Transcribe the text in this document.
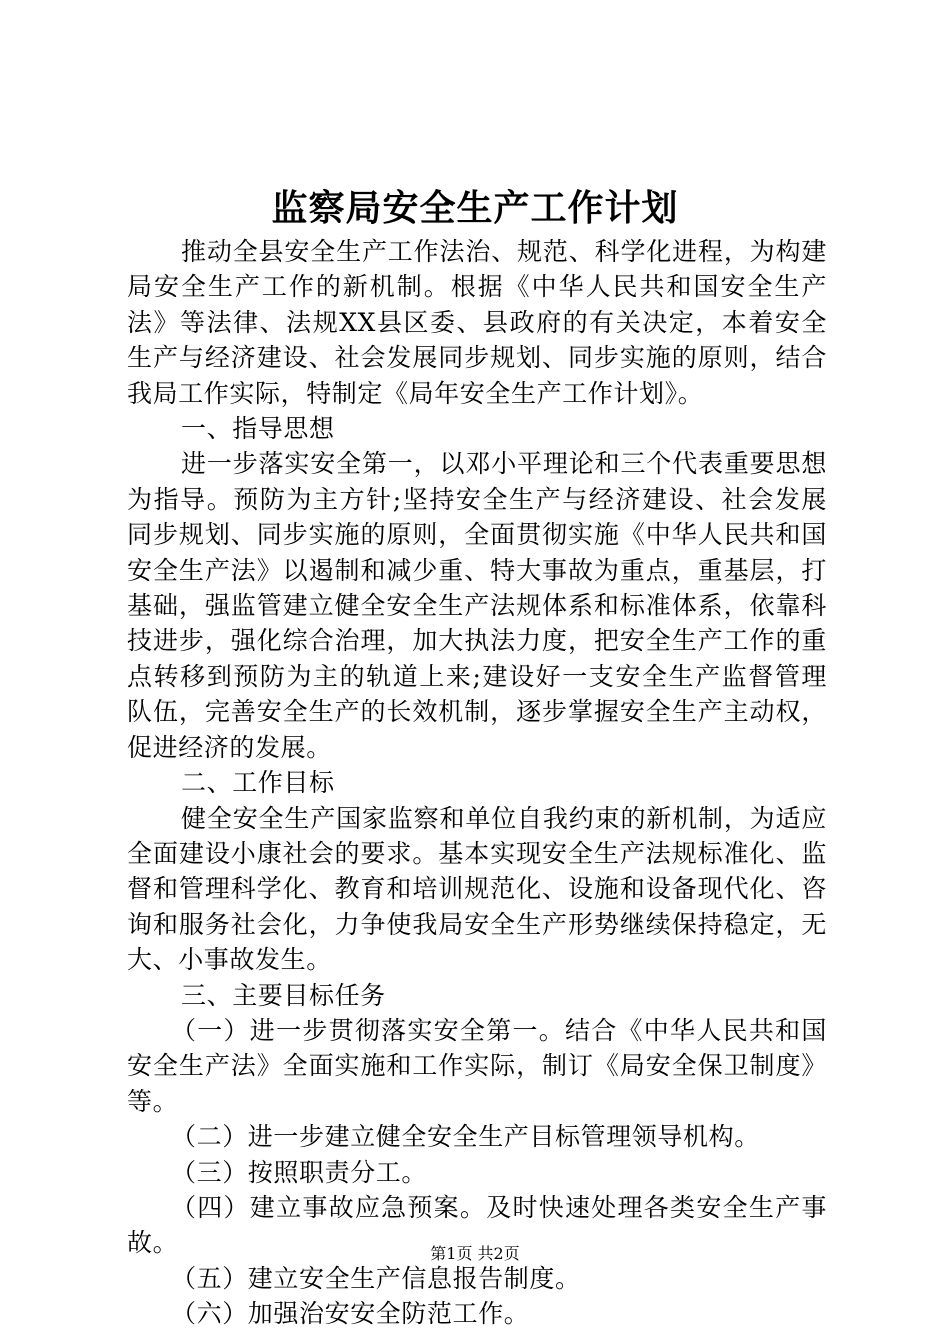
监察局安全生产工作计划

推动全县安全生产工作法治、规范、科学化进程，为构建局安全生产工作的新机制。根据《中华人民共和国安全生产法》等法律、法规XX县区委、县政府的有关决定，本着安全生产与经济建设、社会发展同步规划、同步实施的原则，结合我局工作实际，特制定《局年安全生产工作计划》。

一、指导思想

进一步落实安全第一，以邓小平理论和三个代表重要思想为指导。预防为主方针;坚持安全生产与经济建设、社会发展同步规划、同步实施的原则，全面贯彻实施《中华人民共和国安全生产法》以遏制和减少重、特大事故为重点，重基层，打基础，强监管建立健全安全生产法规体系和标准体系，依靠科技进步，强化综合治理，加大执法力度，把安全生产工作的重点转移到预防为主的轨道上来;建设好一支安全生产监督管理队伍，完善安全生产的长效机制，逐步掌握安全生产主动权，促进经济的发展。

二、工作目标

健全安全生产国家监察和单位自我约束的新机制，为适应全面建设小康社会的要求。基本实现安全生产法规标准化、监督和管理科学化、教育和培训规范化、设施和设备现代化、咨询和服务社会化，力争使我局安全生产形势继续保持稳定，无大、小事故发生。

三、主要目标任务

（一）进一步贯彻落实安全第一。结合《中华人民共和国安全生产法》全面实施和工作实际，制订《局安全保卫制度》等。

（二）进一步建立健全安全生产目标管理领导机构。

（三）按照职责分工。

（四）建立事故应急预案。及时快速处理各类安全生产事故。

（五）建立安全生产信息报告制度。

（六）加强治安安全防范工作。

第1页 共2页
